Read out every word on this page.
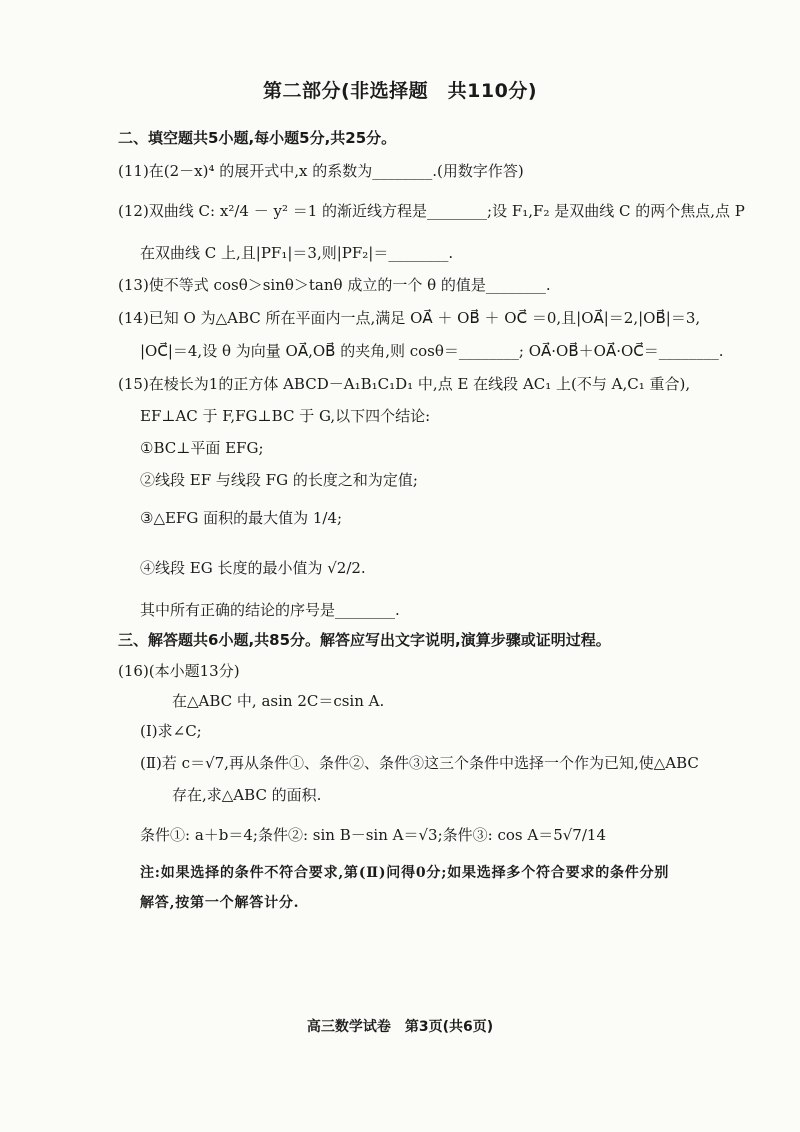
第二部分(非选择题　共110分)
二、填空题共5小题,每小题5分,共25分。
(11)在(2－x)⁴ 的展开式中,x 的系数为________.(用数字作答)
(12)双曲线 C: x²/4 － y² ＝1 的渐近线方程是________;设 F₁,F₂ 是双曲线 C 的两个焦点,点 P
在双曲线 C 上,且|PF₁|＝3,则|PF₂|＝________.
(13)使不等式 cosθ＞sinθ＞tanθ 成立的一个 θ 的值是________.
(14)已知 O 为△ABC 所在平面内一点,满足 OA⃗ ＋ OB⃗ ＋ OC⃗ ＝0,且|OA⃗|＝2,|OB⃗|＝3,
|OC⃗|＝4,设 θ 为向量 OA⃗,OB⃗ 的夹角,则 cosθ＝________; OA⃗·OB⃗＋OA⃗·OC⃗＝________.
(15)在棱长为1的正方体 ABCD－A₁B₁C₁D₁ 中,点 E 在线段 AC₁ 上(不与 A,C₁ 重合),
EF⊥AC 于 F,FG⊥BC 于 G,以下四个结论:
①BC⊥平面 EFG;
②线段 EF 与线段 FG 的长度之和为定值;
③△EFG 面积的最大值为 1/4;
④线段 EG 长度的最小值为 √2/2.
其中所有正确的结论的序号是________.
三、解答题共6小题,共85分。解答应写出文字说明,演算步骤或证明过程。
(16)(本小题13分)
在△ABC 中, asin 2C＝csin A.
(Ⅰ)求∠C;
(Ⅱ)若 c＝√7,再从条件①、条件②、条件③这三个条件中选择一个作为已知,使△ABC
存在,求△ABC 的面积.
条件①: a＋b＝4;条件②: sin B－sin A＝√3;条件③: cos A＝5√7/14
注:如果选择的条件不符合要求,第(Ⅱ)问得0分;如果选择多个符合要求的条件分别
解答,按第一个解答计分.
高三数学试卷　第3页(共6页)
